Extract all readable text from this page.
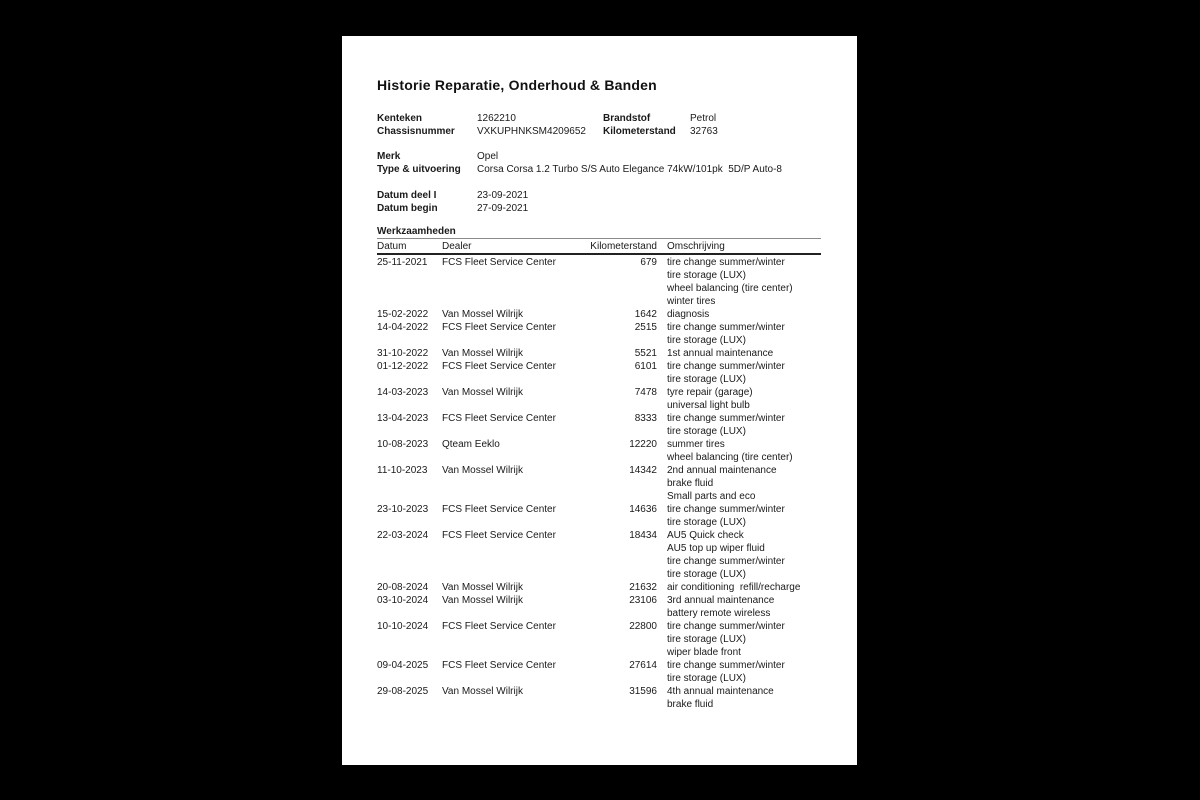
Historie Reparatie, Onderhoud & Banden
Kenteken	1262210	Brandstof	Petrol
Chassisnummer	VXKUPHNKSM4209652	Kilometerstand	32763
Merk	Opel
Type & uitvoering	Corsa Corsa 1.2 Turbo S/S Auto Elegance 74kW/101pk  5D/P Auto-8
Datum deel I	23-09-2021
Datum begin	27-09-2021
Werkzaamheden
Datum	Dealer	Kilometerstand Omschrijving
25-11-2021	FCS Fleet Service Center	679 tire change summer/winter
tire storage (LUX)
wheel balancing (tire center)
winter tires
15-02-2022	Van Mossel Wilrijk	1642 diagnosis
14-04-2022	FCS Fleet Service Center	2515 tire change summer/winter
tire storage (LUX)
31-10-2022	Van Mossel Wilrijk	5521 1st annual maintenance
01-12-2022	FCS Fleet Service Center	6101 tire change summer/winter
tire storage (LUX)
14-03-2023	Van Mossel Wilrijk	7478 tyre repair (garage)
universal light bulb
13-04-2023	FCS Fleet Service Center	8333 tire change summer/winter
tire storage (LUX)
10-08-2023	Qteam Eeklo	12220 summer tires
wheel balancing (tire center)
11-10-2023	Van Mossel Wilrijk	14342 2nd annual maintenance
brake fluid
Small parts and eco
23-10-2023	FCS Fleet Service Center	14636 tire change summer/winter
tire storage (LUX)
22-03-2024	FCS Fleet Service Center	18434 AU5 Quick check
AU5 top up wiper fluid
tire change summer/winter
tire storage (LUX)
20-08-2024	Van Mossel Wilrijk	21632 air conditioning  refill/recharge
03-10-2024	Van Mossel Wilrijk	23106 3rd annual maintenance
battery remote wireless
10-10-2024	FCS Fleet Service Center	22800 tire change summer/winter
tire storage (LUX)
wiper blade front
09-04-2025	FCS Fleet Service Center	27614 tire change summer/winter
tire storage (LUX)
29-08-2025	Van Mossel Wilrijk	31596 4th annual maintenance
brake fluid
